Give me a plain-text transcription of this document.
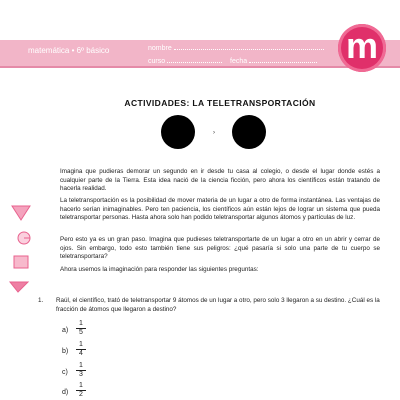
matemática • 6º básico	nombre
curso	fecha	m
ACTIVIDADES: LA TELETRANSPORTACIÓN
›
Imagina que pudieras demorar un segundo en ir desde tu casa al colegio, o desde el lugar donde estés a cualquier parte de la Tierra. Esta idea nació de la ciencia ficción, pero ahora los científicos están tratando de hacerla realidad.
La teletransportación es la posibilidad de mover materia de un lugar a otro de forma instantánea. Las ventajas de hacerlo serían inimaginables. Pero ten paciencia, los científicos aún están lejos de lograr un sistema que pueda teletransportar personas. Hasta ahora solo han podido teletransportar algunos átomos y partículas de luz.
Pero esto ya es un gran paso. Imagina que pudieses teletransportarte de un lugar a otro en un abrir y cerrar de ojos. Sin embargo, todo esto también tiene sus peligros: ¿qué pasaría si solo una parte de tu cuerpo se teletransportara?
Ahora usemos la imaginación para responder las siguientes preguntas:
1. Raúl, el científico, trató de teletransportar 9 átomos de un lugar a otro, pero solo 3 llegaron a su destino. ¿Cuál es la fracción de átomos que llegaron a destino?
$a) \frac{1}{5}$
$b) \frac{1}{4}$
$c) \frac{1}{3}$
$d) \frac{1}{2}$
